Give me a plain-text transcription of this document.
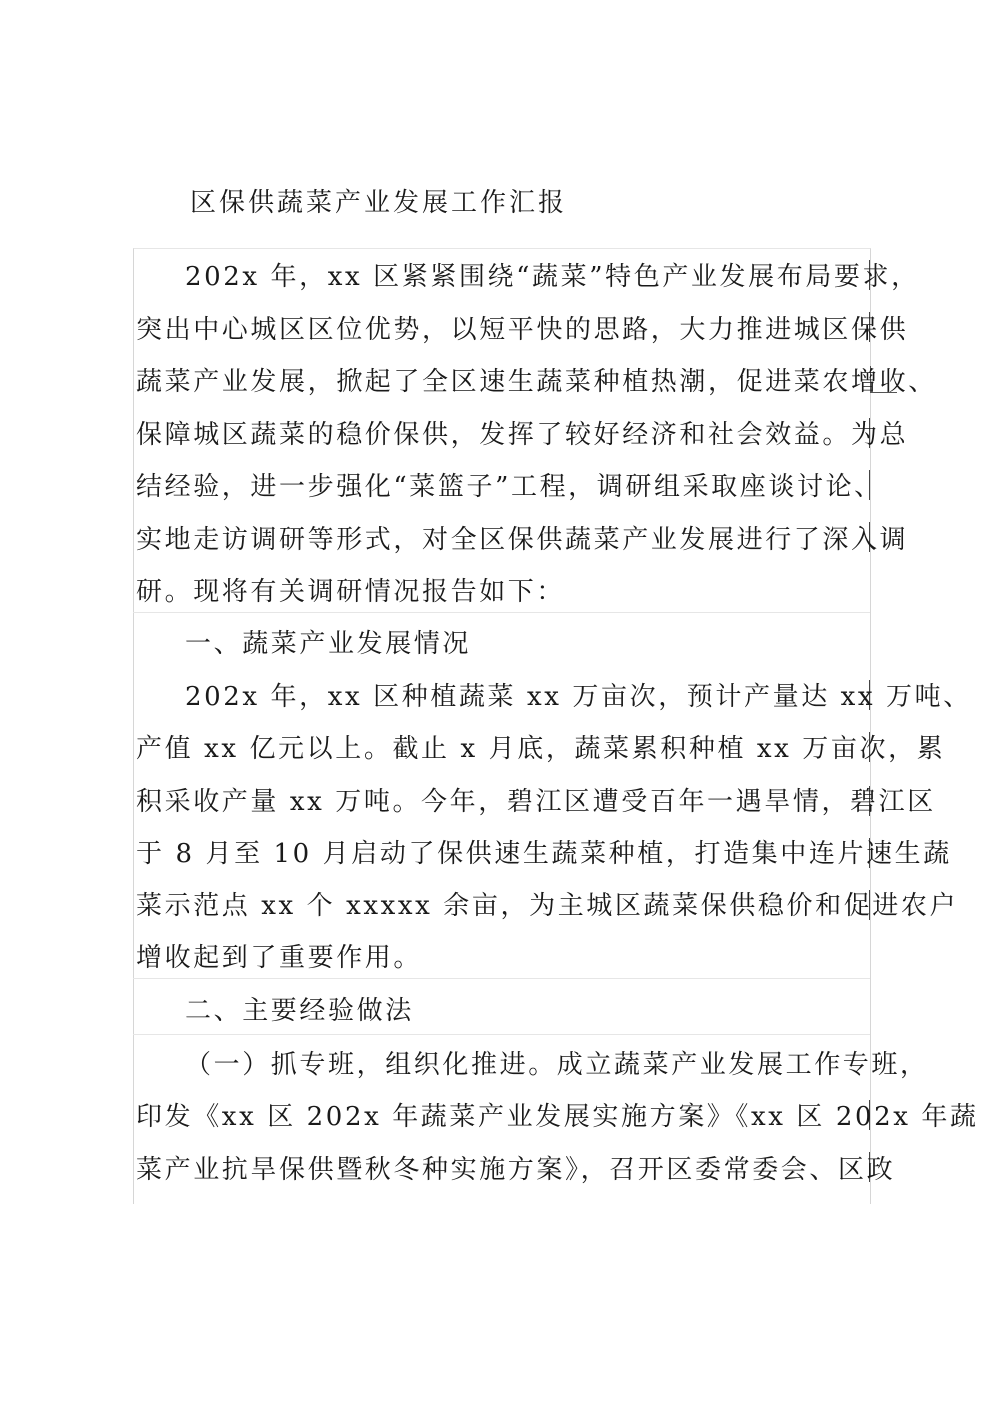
区保供蔬菜产业发展工作汇报
202x 年，xx 区紧紧围绕“蔬菜”特色产业发展布局要求，
突出中心城区区位优势，以短平快的思路，大力推进城区保供
蔬菜产业发展，掀起了全区速生蔬菜种植热潮，促进菜农增收、
保障城区蔬菜的稳价保供，发挥了较好经济和社会效益。为总
结经验，进一步强化“菜篮子”工程，调研组采取座谈讨论、
实地走访调研等形式，对全区保供蔬菜产业发展进行了深入调
研。现将有关调研情况报告如下：
一、蔬菜产业发展情况
202x 年，xx 区种植蔬菜 xx 万亩次，预计产量达 xx 万吨、
产值 xx 亿元以上。截止 x 月底，蔬菜累积种植 xx 万亩次，累
积采收产量 xx 万吨。今年，碧江区遭受百年一遇旱情，碧江区
于 8 月至 10 月启动了保供速生蔬菜种植，打造集中连片速生蔬
菜示范点 xx 个 xxxxx 余亩，为主城区蔬菜保供稳价和促进农户
增收起到了重要作用。
二、主要经验做法
（一）抓专班，组织化推进。成立蔬菜产业发展工作专班，
印发《xx 区 202x 年蔬菜产业发展实施方案》《xx 区 202x 年蔬
菜产业抗旱保供暨秋冬种实施方案》，召开区委常委会、区政
